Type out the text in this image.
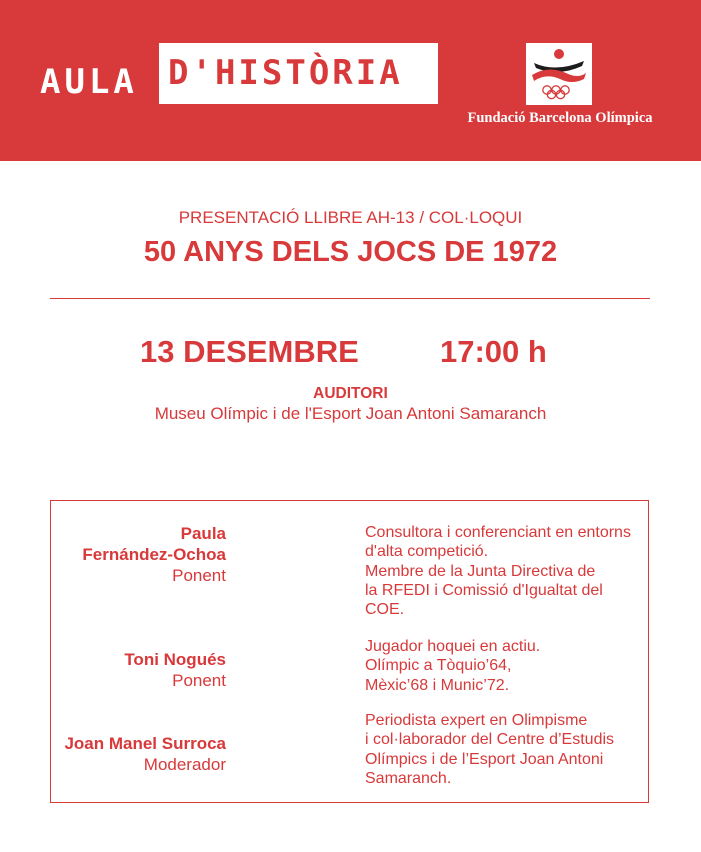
AULA D'HISTÒRIA
Fundació Barcelona Olímpica
PRESENTACIÓ LLIBRE AH-13 / COL·LOQUI
50 ANYS DELS JOCS DE 1972
13 DESEMBRE	17:00 h
AUDITORI
Museu Olímpic i de l'Esport Joan Antoni Samaranch
Paula
Fernández-Ochoa
Ponent
Consultora i conferenciant en entorns
d'alta competició.
Membre de la Junta Directiva de
la RFEDI i Comissió d'Igualtat del
COE.
Toni Nogués
Ponent
Jugador hoquei en actiu.
Olímpic a Tòquio’64,
Mèxic’68 i Munic’72.
Joan Manel Surroca
Moderador
Periodista expert en Olimpisme
i col·laborador del Centre d’Estudis
Olímpics i de l’Esport Joan Antoni
Samaranch.
